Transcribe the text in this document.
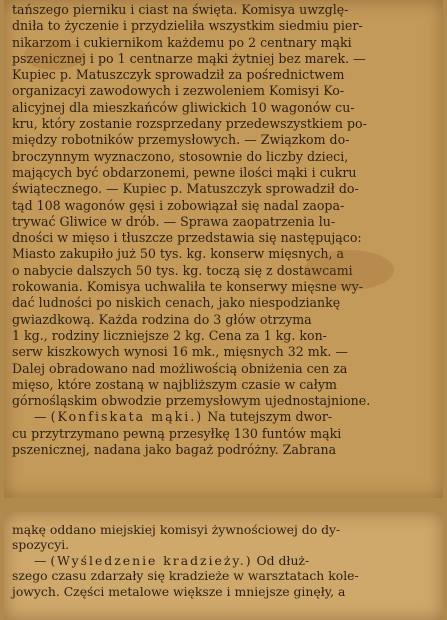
tańszego pierniku i ciast na święta. Komisya uwzglę-

dniła to życzenie i przydzieliła wszystkim siedmiu pier-

nikarzom i cukiernikom każdemu po 2 centnary mąki

pszenicznej i po 1 centnarze mąki żytniej bez marek. —

Kupiec p. Matuszczyk sprowadził za pośrednictwem

organizacyi zawodowych i zezwoleniem Komisyi Ko-

alicyjnej dla mieszkańców gliwickich 10 wagonów cu-

kru, który zostanie rozsprzedany przedewszystkiem po-

między robotników przemysłowych. — Związkom do-

broczynnym wyznaczono, stosownie do liczby dzieci,

mających być obdarzonemi, pewne ilości mąki i cukru

świątecznego. — Kupiec p. Matuszczyk sprowadził do-

tąd 108 wagonów gęsi i zobowiązał się nadal zaopa-

trywać Gliwice w drób. — Sprawa zaopatrzenia lu-

dności w mięso i tłuszcze przedstawia się następująco:

Miasto zakupiło już 50 tys. kg. konserw mięsnych, a

o nabycie dalszych 50 tys. kg. toczą się z dostawcami

rokowania. Komisya uchwaliła te konserwy mięsne wy-

dać ludności po niskich cenach, jako niespodziankę

gwiazdkową. Każda rodzina do 3 głów otrzyma

1 kg., rodziny liczniejsze 2 kg. Cena za 1 kg. kon-

serw kiszkowych wynosi 16 mk., mięsnych 32 mk. —

Dalej obradowano nad możliwością obniżenia cen za

mięso, które zostaną w najbliższym czasie w całym

górnośląskim obwodzie przemysłowym ujednostajnione.

— (Konfiskata mąki.) Na tutejszym dwor-

cu przytrzymano pewną przesyłkę 130 funtów mąki

pszenicznej, nadana jako bagaż podróżny. Zabrana

mąkę oddano miejskiej komisyi żywnościowej do dy-

spozycyi.

— (Wyśledzenie kradzieży.) Od dłuż-

szego czasu zdarzały się kradzieże w warsztatach kole-

jowych. Części metalowe większe i mniejsze ginęły, a
